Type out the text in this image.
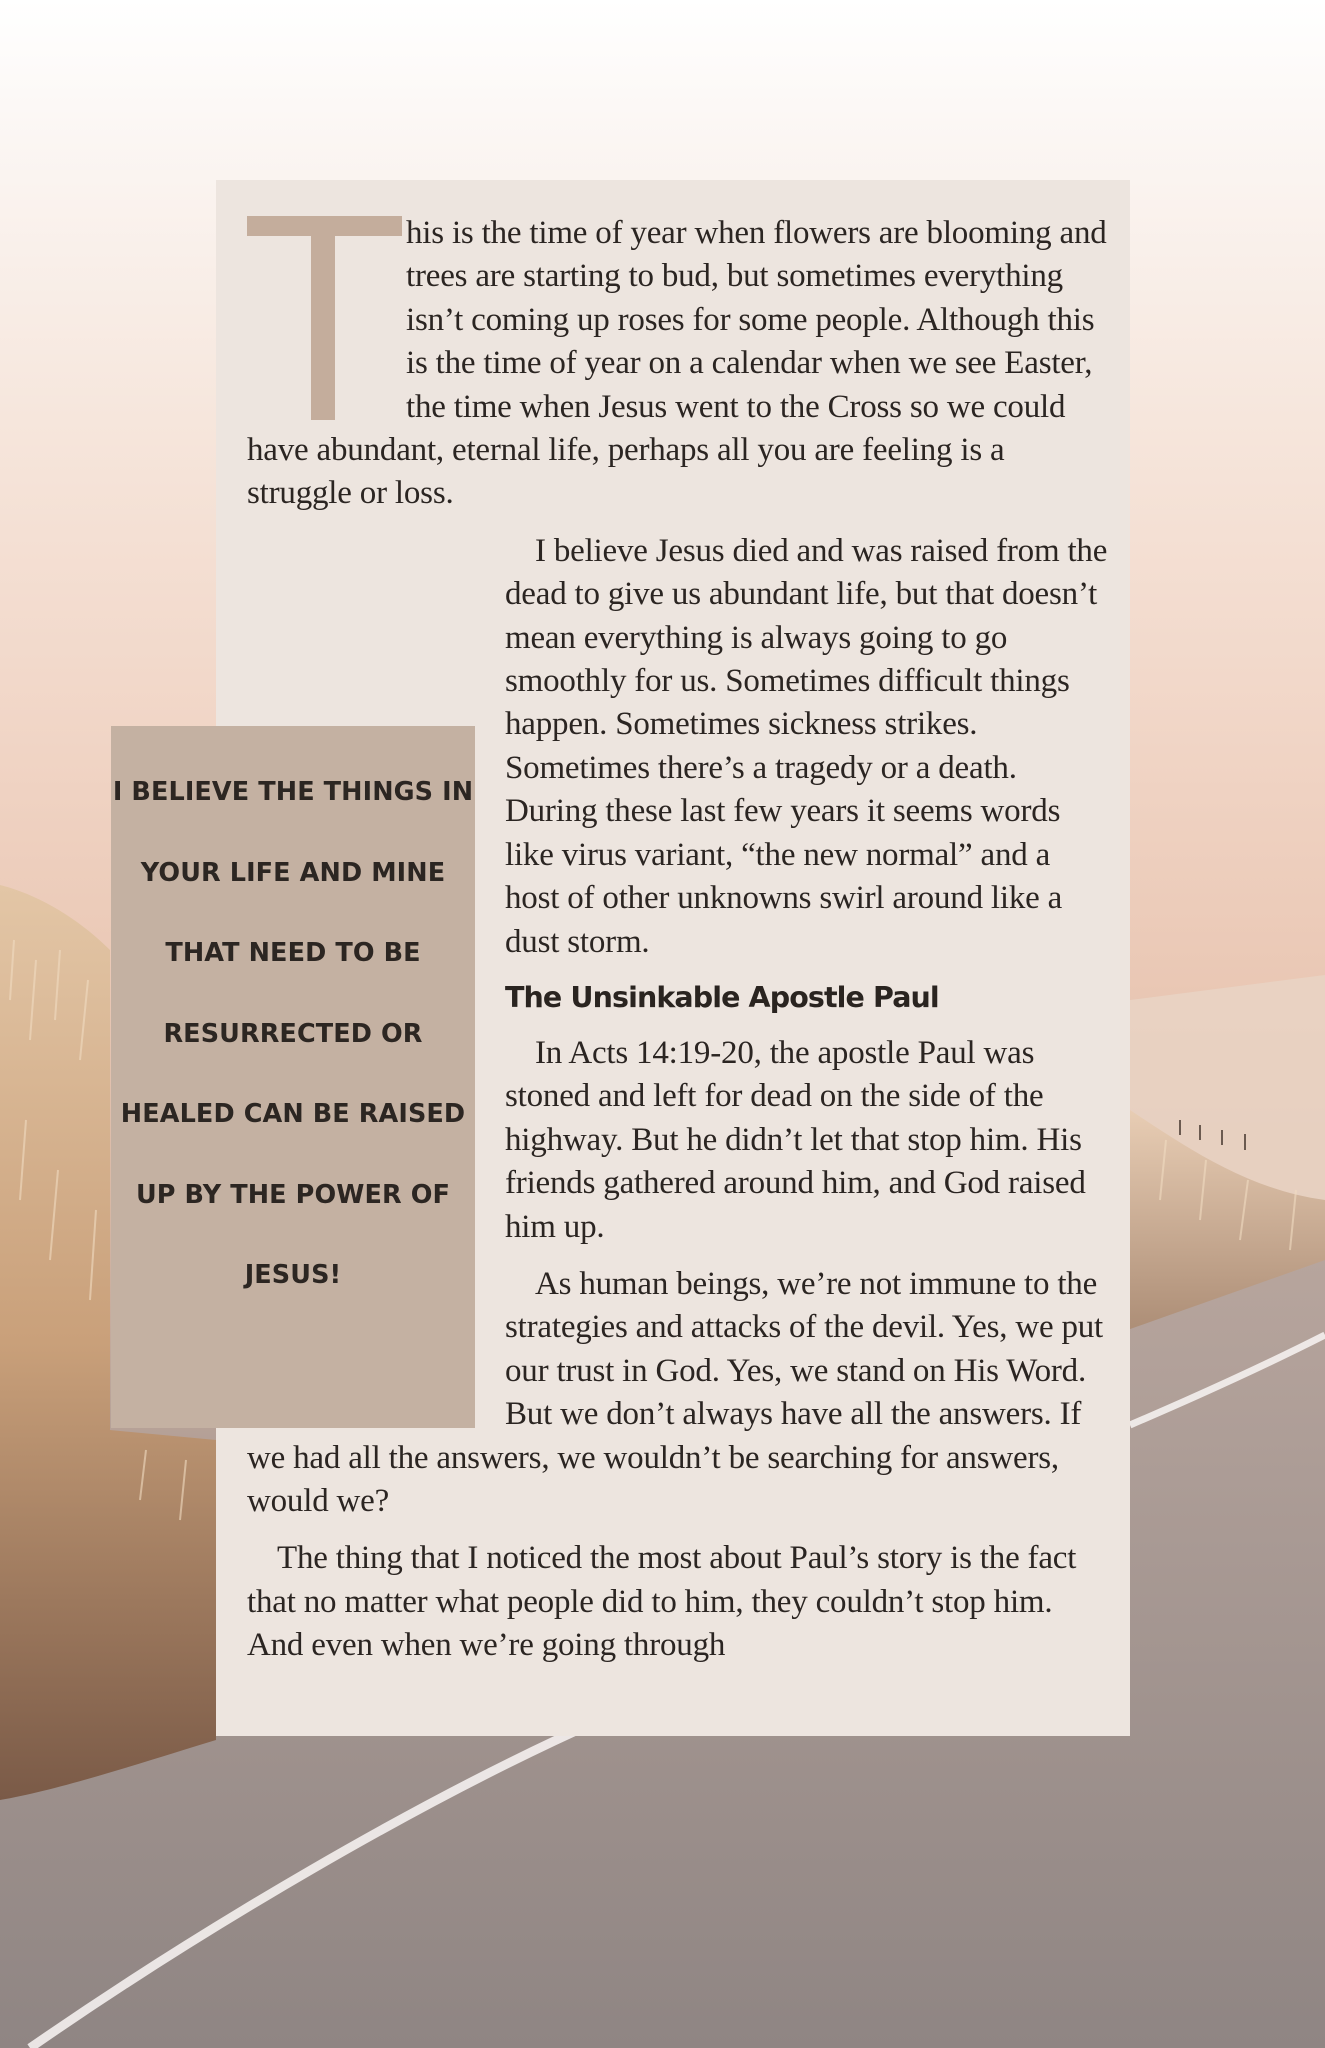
his is the time of year when flowers are blooming and trees are starting to bud, but sometimes everything isn’t coming up roses for some people. Although this is the time of year on a calendar when we see Easter, the time when Jesus went to the Cross so we could have abundant, eternal life, perhaps all you are feeling is a struggle or loss.

I believe Jesus died and was raised from the dead to give us abundant life, but that doesn’t mean everything is always going to go smoothly for us. Sometimes difficult things happen. Sometimes sickness strikes. Sometimes there’s a tragedy or a death. During these last few years it seems words like virus variant, “the new normal” and a host of other unknowns swirl around like a dust storm.

The Unsinkable Apostle Paul

In Acts 14:19-20, the apostle Paul was stoned and left for dead on the side of the highway. But he didn’t let that stop him. His friends gathered around him, and God raised him up.

As human beings, we’re not immune to the strategies and attacks of the devil. Yes, we put our trust in God. Yes, we stand on His Word. But we don’t always have all the answers. If we had all the answers, we wouldn’t be searching for answers, would we?

The thing that I noticed the most about Paul’s story is the fact that no matter what people did to him, they couldn’t stop him. And even when we’re going through

I BELIEVE THE THINGS IN YOUR LIFE AND MINE THAT NEED TO BE RESURRECTED OR HEALED CAN BE RAISED UP BY THE POWER OF JESUS!
